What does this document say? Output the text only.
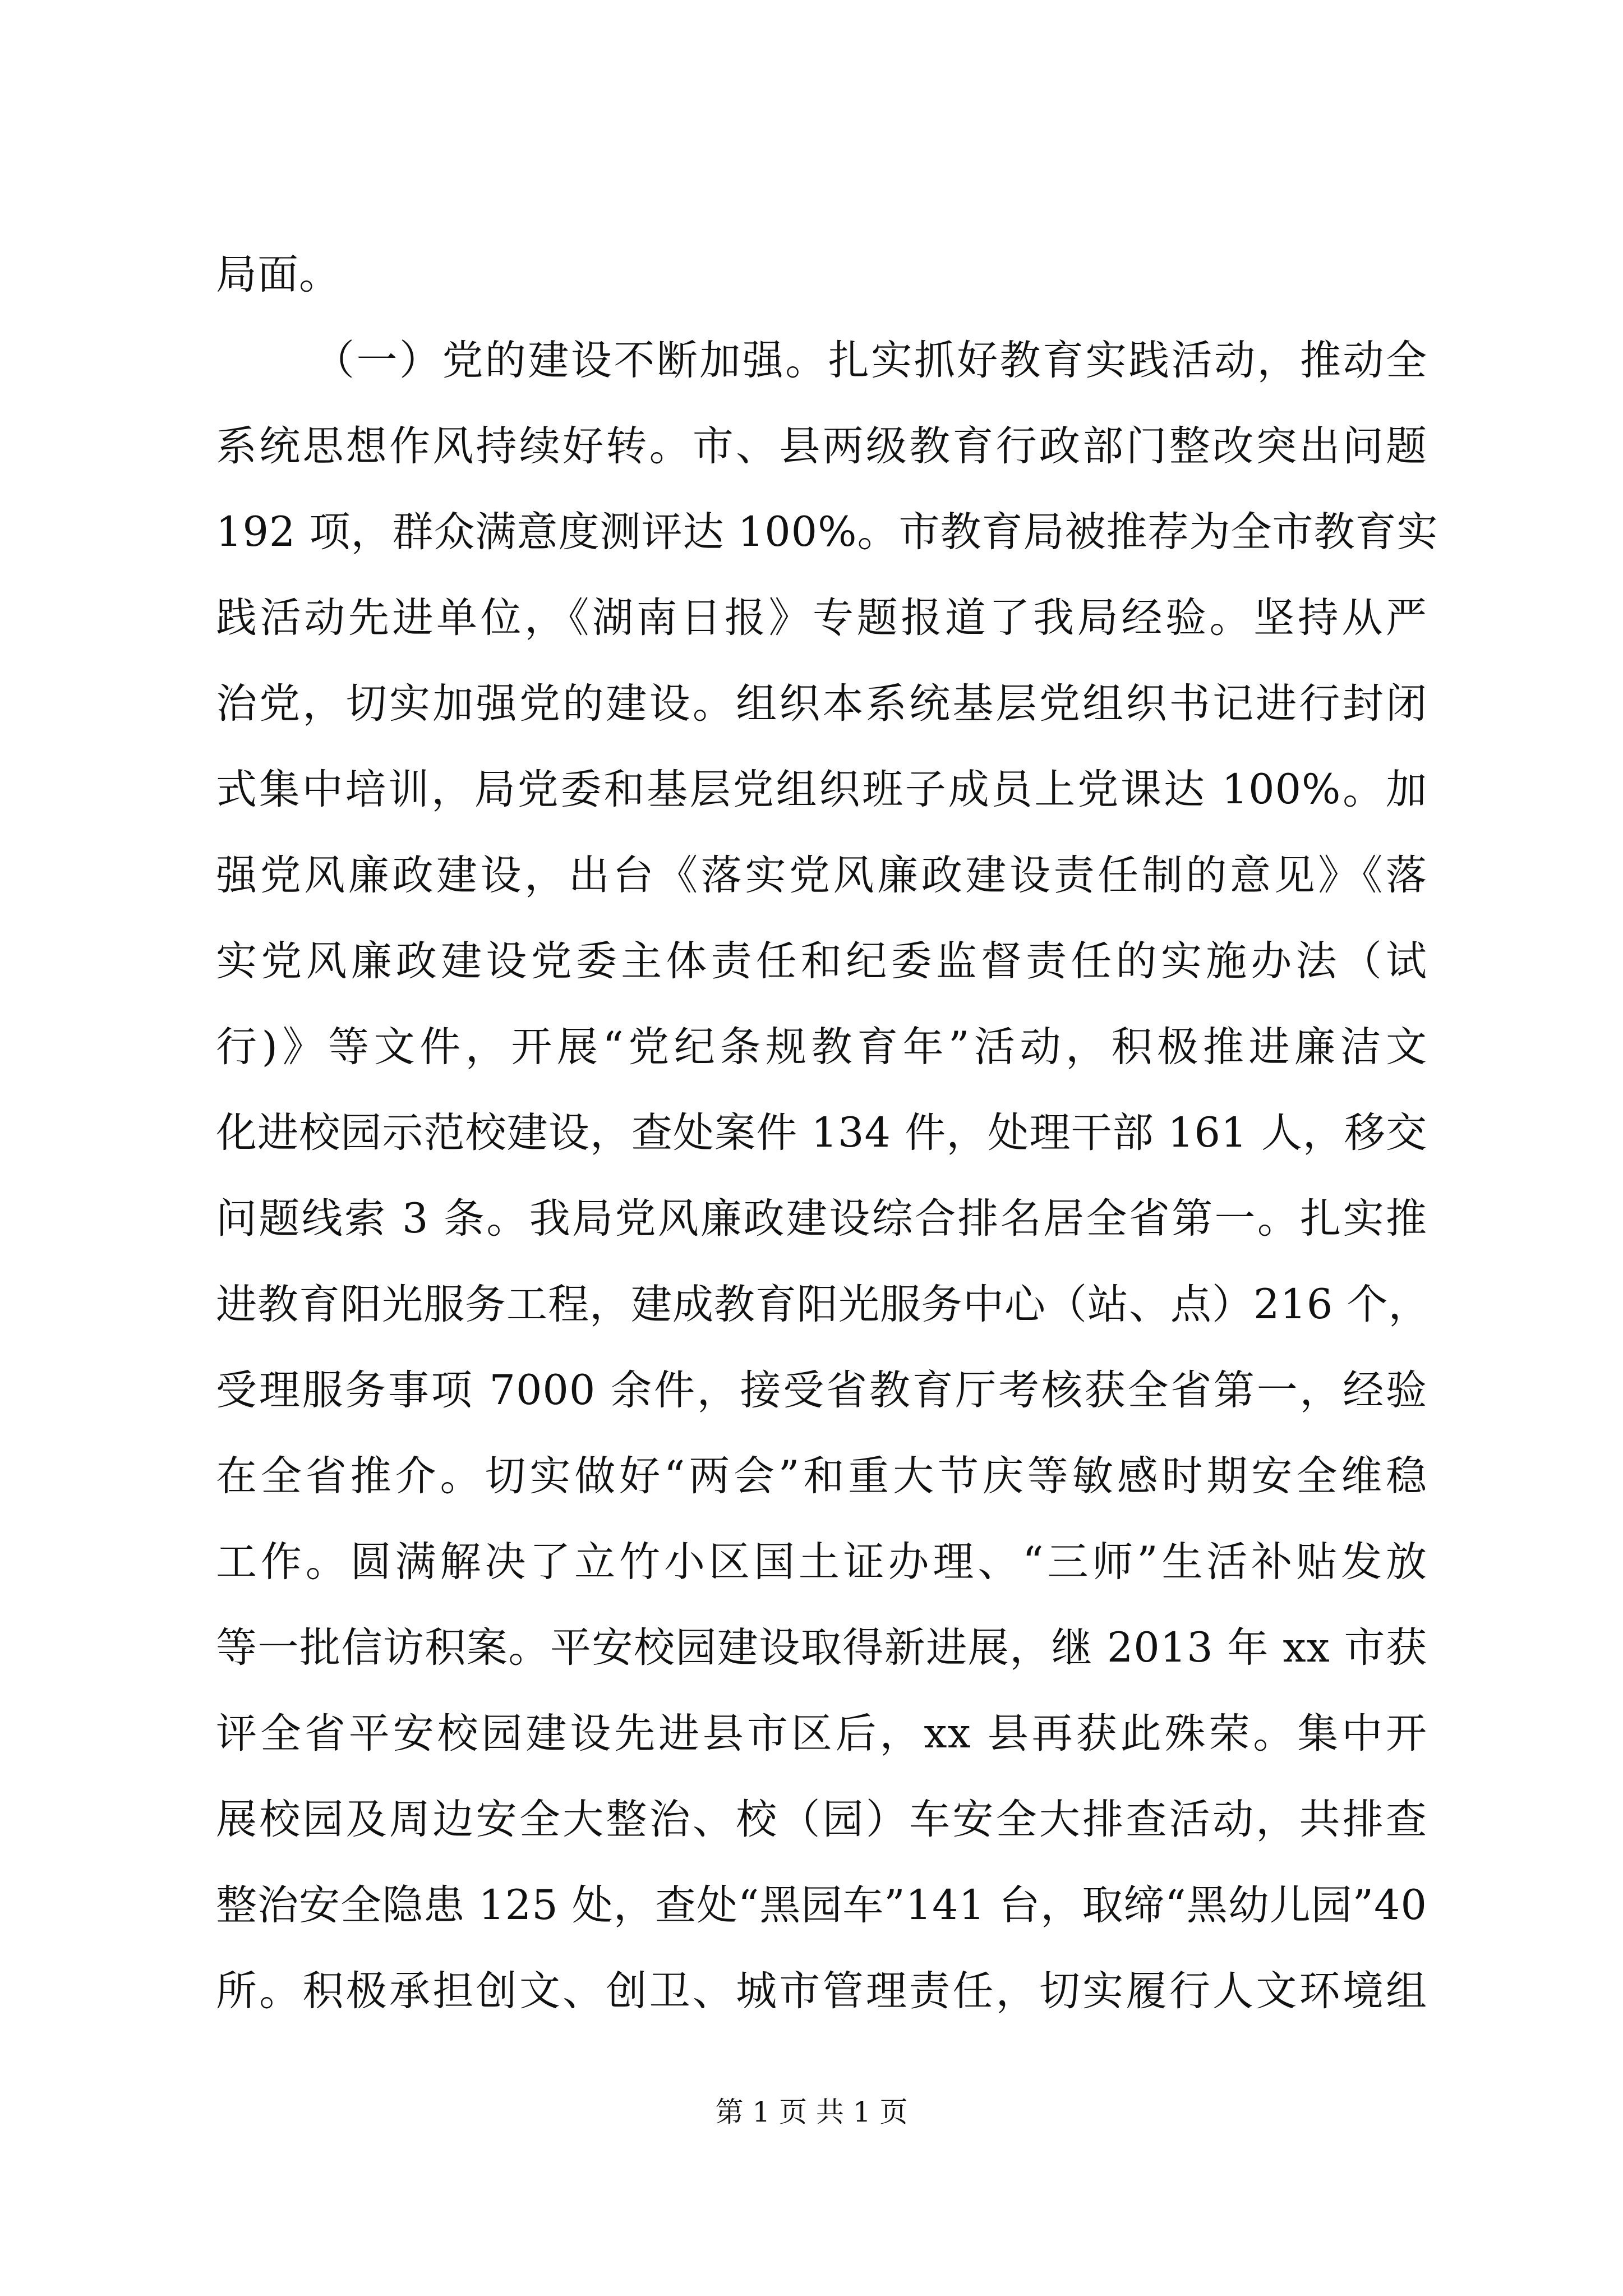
局面。
（一）党的建设不断加强。扎实抓好教育实践活动，推动全
系统思想作风持续好转。市、县两级教育行政部门整改突出问题
192 项，群众满意度测评达 100%。市教育局被推荐为全市教育实
践活动先进单位，《湖南日报》专题报道了我局经验。坚持从严
治党，切实加强党的建设。组织本系统基层党组织书记进行封闭
式集中培训，局党委和基层党组织班子成员上党课达 100%。加
强党风廉政建设，出台《落实党风廉政建设责任制的意见》《落
实党风廉政建设党委主体责任和纪委监督责任的实施办法（试
行)》等文件，开展“党纪条规教育年”活动，积极推进廉洁文
化进校园示范校建设，查处案件 134 件，处理干部 161 人，移交
问题线索 3 条。我局党风廉政建设综合排名居全省第一。扎实推
进教育阳光服务工程，建成教育阳光服务中心（站、点）216 个，
受理服务事项 7000 余件，接受省教育厅考核获全省第一，经验
在全省推介。切实做好“两会”和重大节庆等敏感时期安全维稳
工作。圆满解决了立竹小区国土证办理、“三师”生活补贴发放
等一批信访积案。平安校园建设取得新进展，继 2013 年 xx 市获
评全省平安校园建设先进县市区后，xx 县再获此殊荣。集中开
展校园及周边安全大整治、校（园）车安全大排查活动，共排查
整治安全隐患 125 处，查处“黑园车”141 台，取缔“黑幼儿园”40
所。积极承担创文、创卫、城市管理责任，切实履行人文环境组
第 1 页 共 1 页
